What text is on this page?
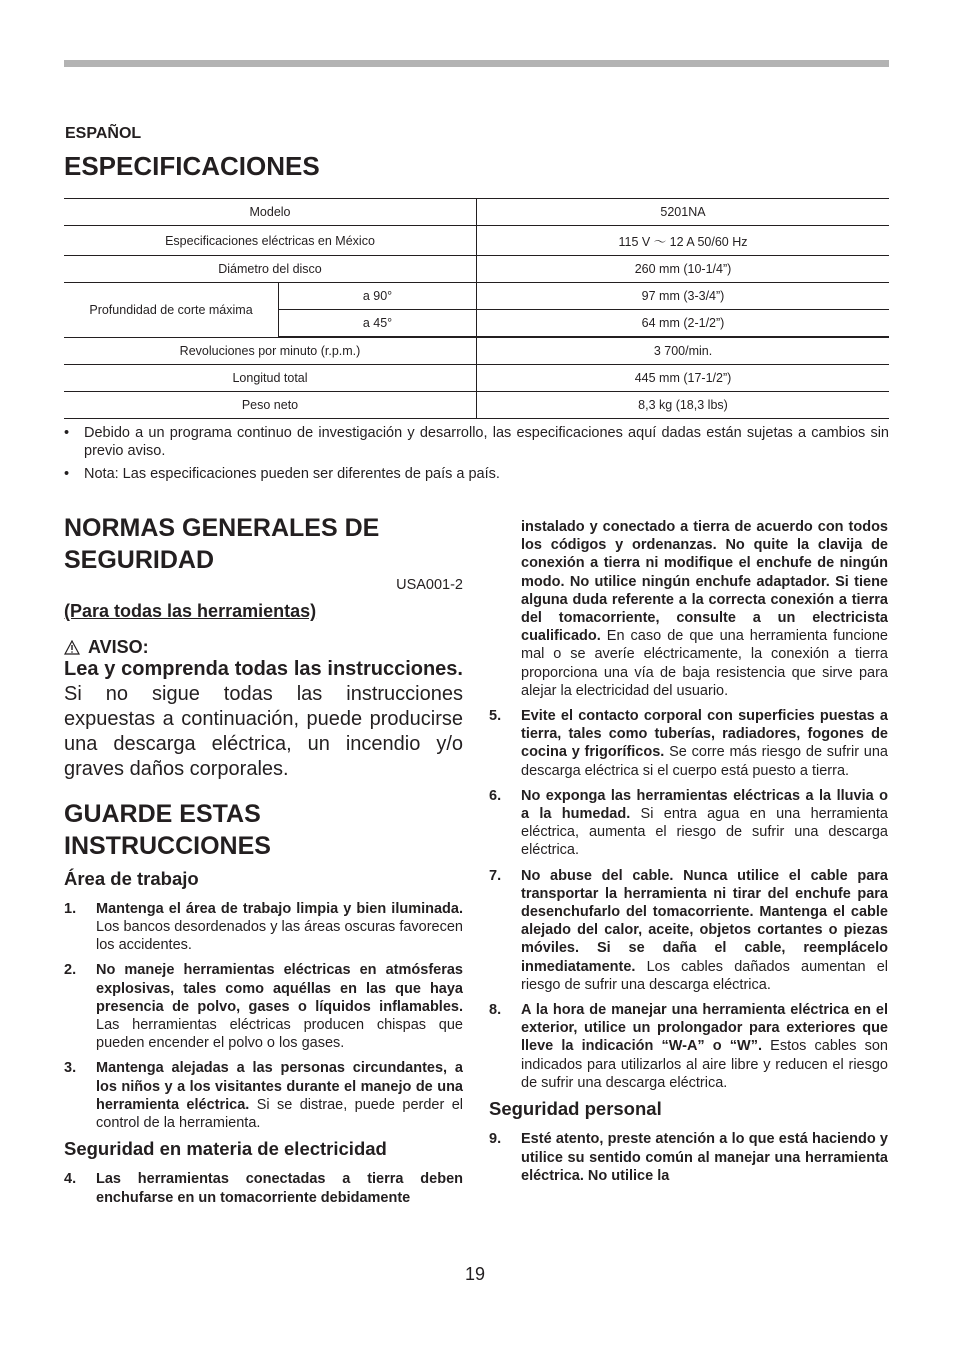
ESPAÑOL

ESPECIFICACIONES

Modelo		5201NA
Especificaciones eléctricas en México		115 V ～ 12 A 50/60 Hz
Diámetro del disco		260 mm (10-1/4”)
Profundidad de corte máxima	a 90°	97 mm (3-3/4”)
	a 45°	64 mm (2-1/2”)
Revoluciones por minuto (r.p.m.)		3 700/min.
Longitud total		445 mm (17-1/2”)
Peso neto		8,3 kg (18,3 lbs)
• Debido a un programa continuo de investigación y desarrollo, las especificaciones aquí dadas están sujetas a cambios sin previo aviso.
• Nota: Las especificaciones pueden ser diferentes de país a país.
NORMAS GENERALES DE SEGURIDAD

USA001-2

(Para todas las herramientas)

AVISO:

Lea y comprenda todas las instrucciones. Si no sigue todas las instrucciones expuestas a continuación, puede producirse una descarga eléctrica, un incendio y/o graves daños corporales.

GUARDE ESTAS INSTRUCCIONES
Área de trabajo
1.	Mantenga el área de trabajo limpia y bien iluminada. Los bancos desordenados y las áreas oscuras favorecen los accidentes.
2.	No maneje herramientas eléctricas en atmósferas explosivas, tales como aquéllas en las que haya presencia de polvo, gases o líquidos inflamables. Las herramientas eléctricas producen chispas que pueden encender el polvo o los gases.
3.	Mantenga alejadas a las personas circundantes, a los niños y a los visitantes durante el manejo de una herramienta eléctrica. Si se distrae, puede perder el control de la herramienta.
Seguridad en materia de electricidad
4.	Las herramientas conectadas a tierra deben enchufarse en un tomacorriente debidamente

instalado y conectado a tierra de acuerdo con todos los códigos y ordenanzas. No quite la clavija de conexión a tierra ni modifique el enchufe de ningún modo. No utilice ningún enchufe adaptador. Si tiene alguna duda referente a la correcta conexión a tierra del tomacorriente, consulte a un electricista cualificado. En caso de que una herramienta funcione mal o se averíe eléctricamente, la conexión a tierra proporciona una vía de baja resistencia que sirve para alejar la electricidad del usuario.

5.	Evite el contacto corporal con superficies puestas a tierra, tales como tuberías, radiadores, fogones de cocina y frigoríficos. Se corre más riesgo de sufrir una descarga eléctrica si el cuerpo está puesto a tierra.
6.	No exponga las herramientas eléctricas a la lluvia o a la humedad. Si entra agua en una herramienta eléctrica, aumenta el riesgo de sufrir una descarga eléctrica.
7.	No abuse del cable. Nunca utilice el cable para transportar la herramienta ni tirar del enchufe para desenchufarlo del tomacorriente. Mantenga el cable alejado del calor, aceite, objetos cortantes o piezas móviles. Si se daña el cable, reemplácelo inmediatamente. Los cables dañados aumentan el riesgo de sufrir una descarga eléctrica.
8.	A la hora de manejar una herramienta eléctrica en el exterior, utilice un prolongador para exteriores que lleve la indicación “W-A” o “W”. Estos cables son indicados para utilizarlos al aire libre y reducen el riesgo de sufrir una descarga eléctrica.
Seguridad personal
9.	Esté atento, preste atención a lo que está haciendo y utilice su sentido común al manejar una herramienta eléctrica. No utilice la
19
